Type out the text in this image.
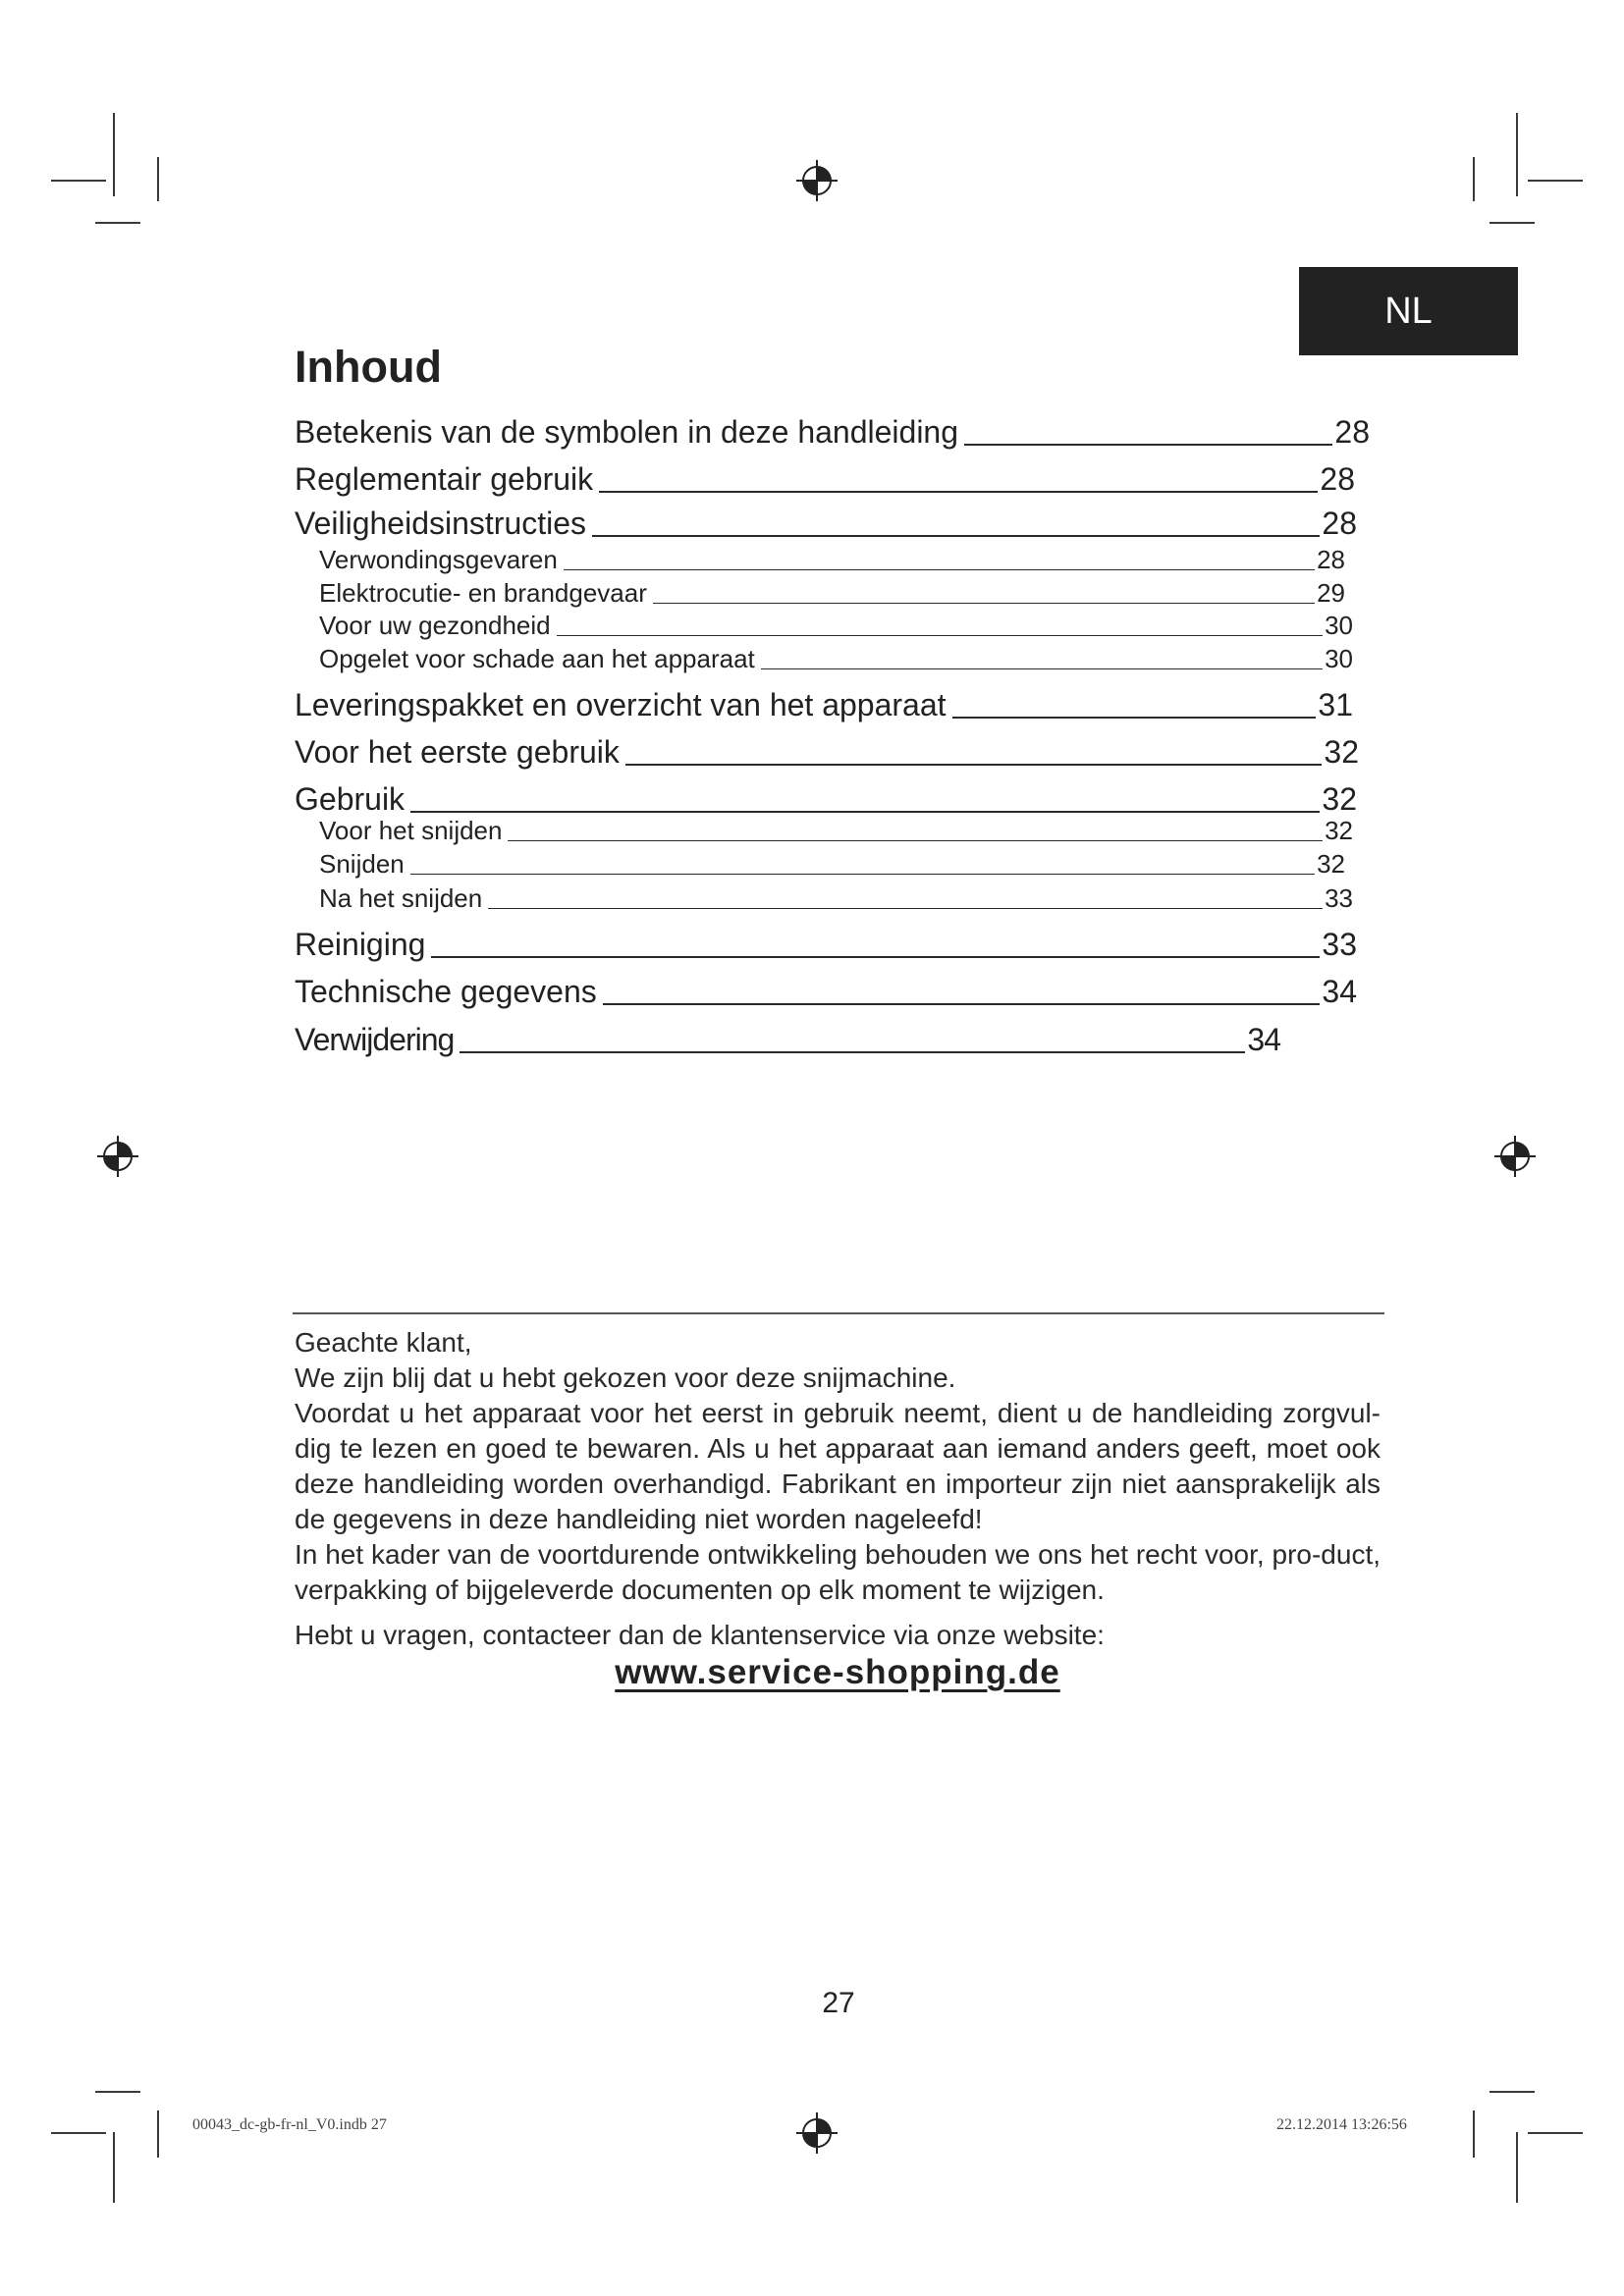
NL
Inhoud
Betekenis van de symbolen in deze handleiding	28
Reglementair gebruik	28
Veiligheidsinstructies	28
Verwondingsgevaren	28
Elektrocutie- en brandgevaar	29
Voor uw gezondheid	30
Opgelet voor schade aan het apparaat	30
Leveringspakket en overzicht van het apparaat	31
Voor het eerste gebruik	32
Gebruik	32
Voor het snijden	32
Snijden	32
Na het snijden	33
Reiniging	33
Technische gegevens	34
Verwijdering	34

Geachte klant,

We zijn blij dat u hebt gekozen voor deze snijmachine.

Voordat u het apparaat voor het eerst in gebruik neemt, dient u de handleiding zorgvul-dig te lezen en goed te bewaren. Als u het apparaat aan iemand anders geeft, moet ook deze handleiding worden overhandigd. Fabrikant en importeur zijn niet aansprakelijk als de gegevens in deze handleiding niet worden nageleefd!

In het kader van de voortdurende ontwikkeling behouden we ons het recht voor, pro-duct, verpakking of bijgeleverde documenten op elk moment te wijzigen.

Hebt u vragen, contacteer dan de klantenservice via onze website:

www.service-shopping.de
27
00043_dc-gb-fr-nl_V0.indb 27	22.12.2014 13:26:56
